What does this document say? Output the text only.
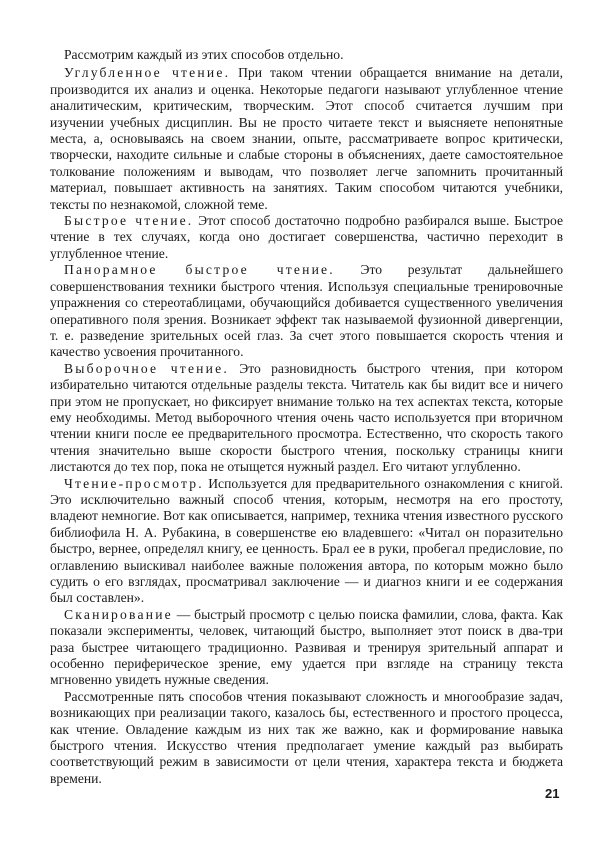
Рассмотрим каждый из этих способов отдельно.

Углубленное чтение. При таком чтении обращается внимание на детали, производится их анализ и оценка. Некоторые педагоги называют углубленное чтение аналитическим, критическим, творческим. Этот способ считается лучшим при изучении учебных дисциплин. Вы не просто читаете текст и выясняете непонятные места, а, основываясь на своем знании, опыте, рассматриваете вопрос критически, творчески, находите сильные и слабые стороны в объяснениях, даете самостоятельное толкование положениям и выводам, что позволяет легче запомнить прочитанный материал, повышает активность на занятиях. Таким способом читаются учебники, тексты по незнакомой, сложной теме.

Быстрое чтение. Этот способ достаточно подробно разбирался выше. Быстрое чтение в тех случаях, когда оно достигает совершенства, частично переходит в углубленное чтение.

Панорамное быстрое чтение. Это результат дальнейшего совершенствования техники быстрого чтения. Используя специальные тренировочные упражнения со стереотаблицами, обучающийся добивается существенного увеличения оперативного поля зрения. Возникает эффект так называемой фузионной дивергенции, т. е. разведение зрительных осей глаз. За счет этого повышается скорость чтения и качество усвоения прочитанного.

Выборочное чтение. Это разновидность быстрого чтения, при котором избирательно читаются отдельные разделы текста. Читатель как бы видит все и ничего при этом не пропускает, но фиксирует внимание только на тех аспектах текста, которые ему необходимы. Метод выборочного чтения очень часто используется при вторичном чтении книги после ее предварительного просмотра. Естественно, что скорость такого чтения значительно выше скорости быстрого чтения, поскольку страницы книги листаются до тех пор, пока не отыщется нужный раздел. Его читают углубленно.

Чтение-просмотр. Используется для предварительного ознакомления с книгой. Это исключительно важный способ чтения, которым, несмотря на его простоту, владеют немногие. Вот как описывается, например, техника чтения известного русского библиофила Н. А. Рубакина, в совершенстве ею владевшего: «Читал он поразительно быстро, вернее, определял книгу, ее ценность. Брал ее в руки, пробегал предисловие, по оглавлению выискивал наиболее важные положения автора, по которым можно было судить о его взглядах, просматривал заключение — и диагноз книги и ее содержания был составлен».

Сканирование — быстрый просмотр с целью поиска фамилии, слова, факта. Как показали эксперименты, человек, читающий быстро, выполняет этот поиск в два-три раза быстрее читающего традиционно. Развивая и тренируя зрительный аппарат и особенно периферическое зрение, ему удается при взгляде на страницу текста мгновенно увидеть нужные сведения.

Рассмотренные пять способов чтения показывают сложность и многообразие задач, возникающих при реализации такого, казалось бы, естественного и простого процесса, как чтение. Овладение каждым из них так же важно, как и формирование навыка быстрого чтения. Искусство чтения предполагает умение каждый раз выбирать соответствующий режим в зависимости от цели чтения, характера текста и бюджета времени.

21
